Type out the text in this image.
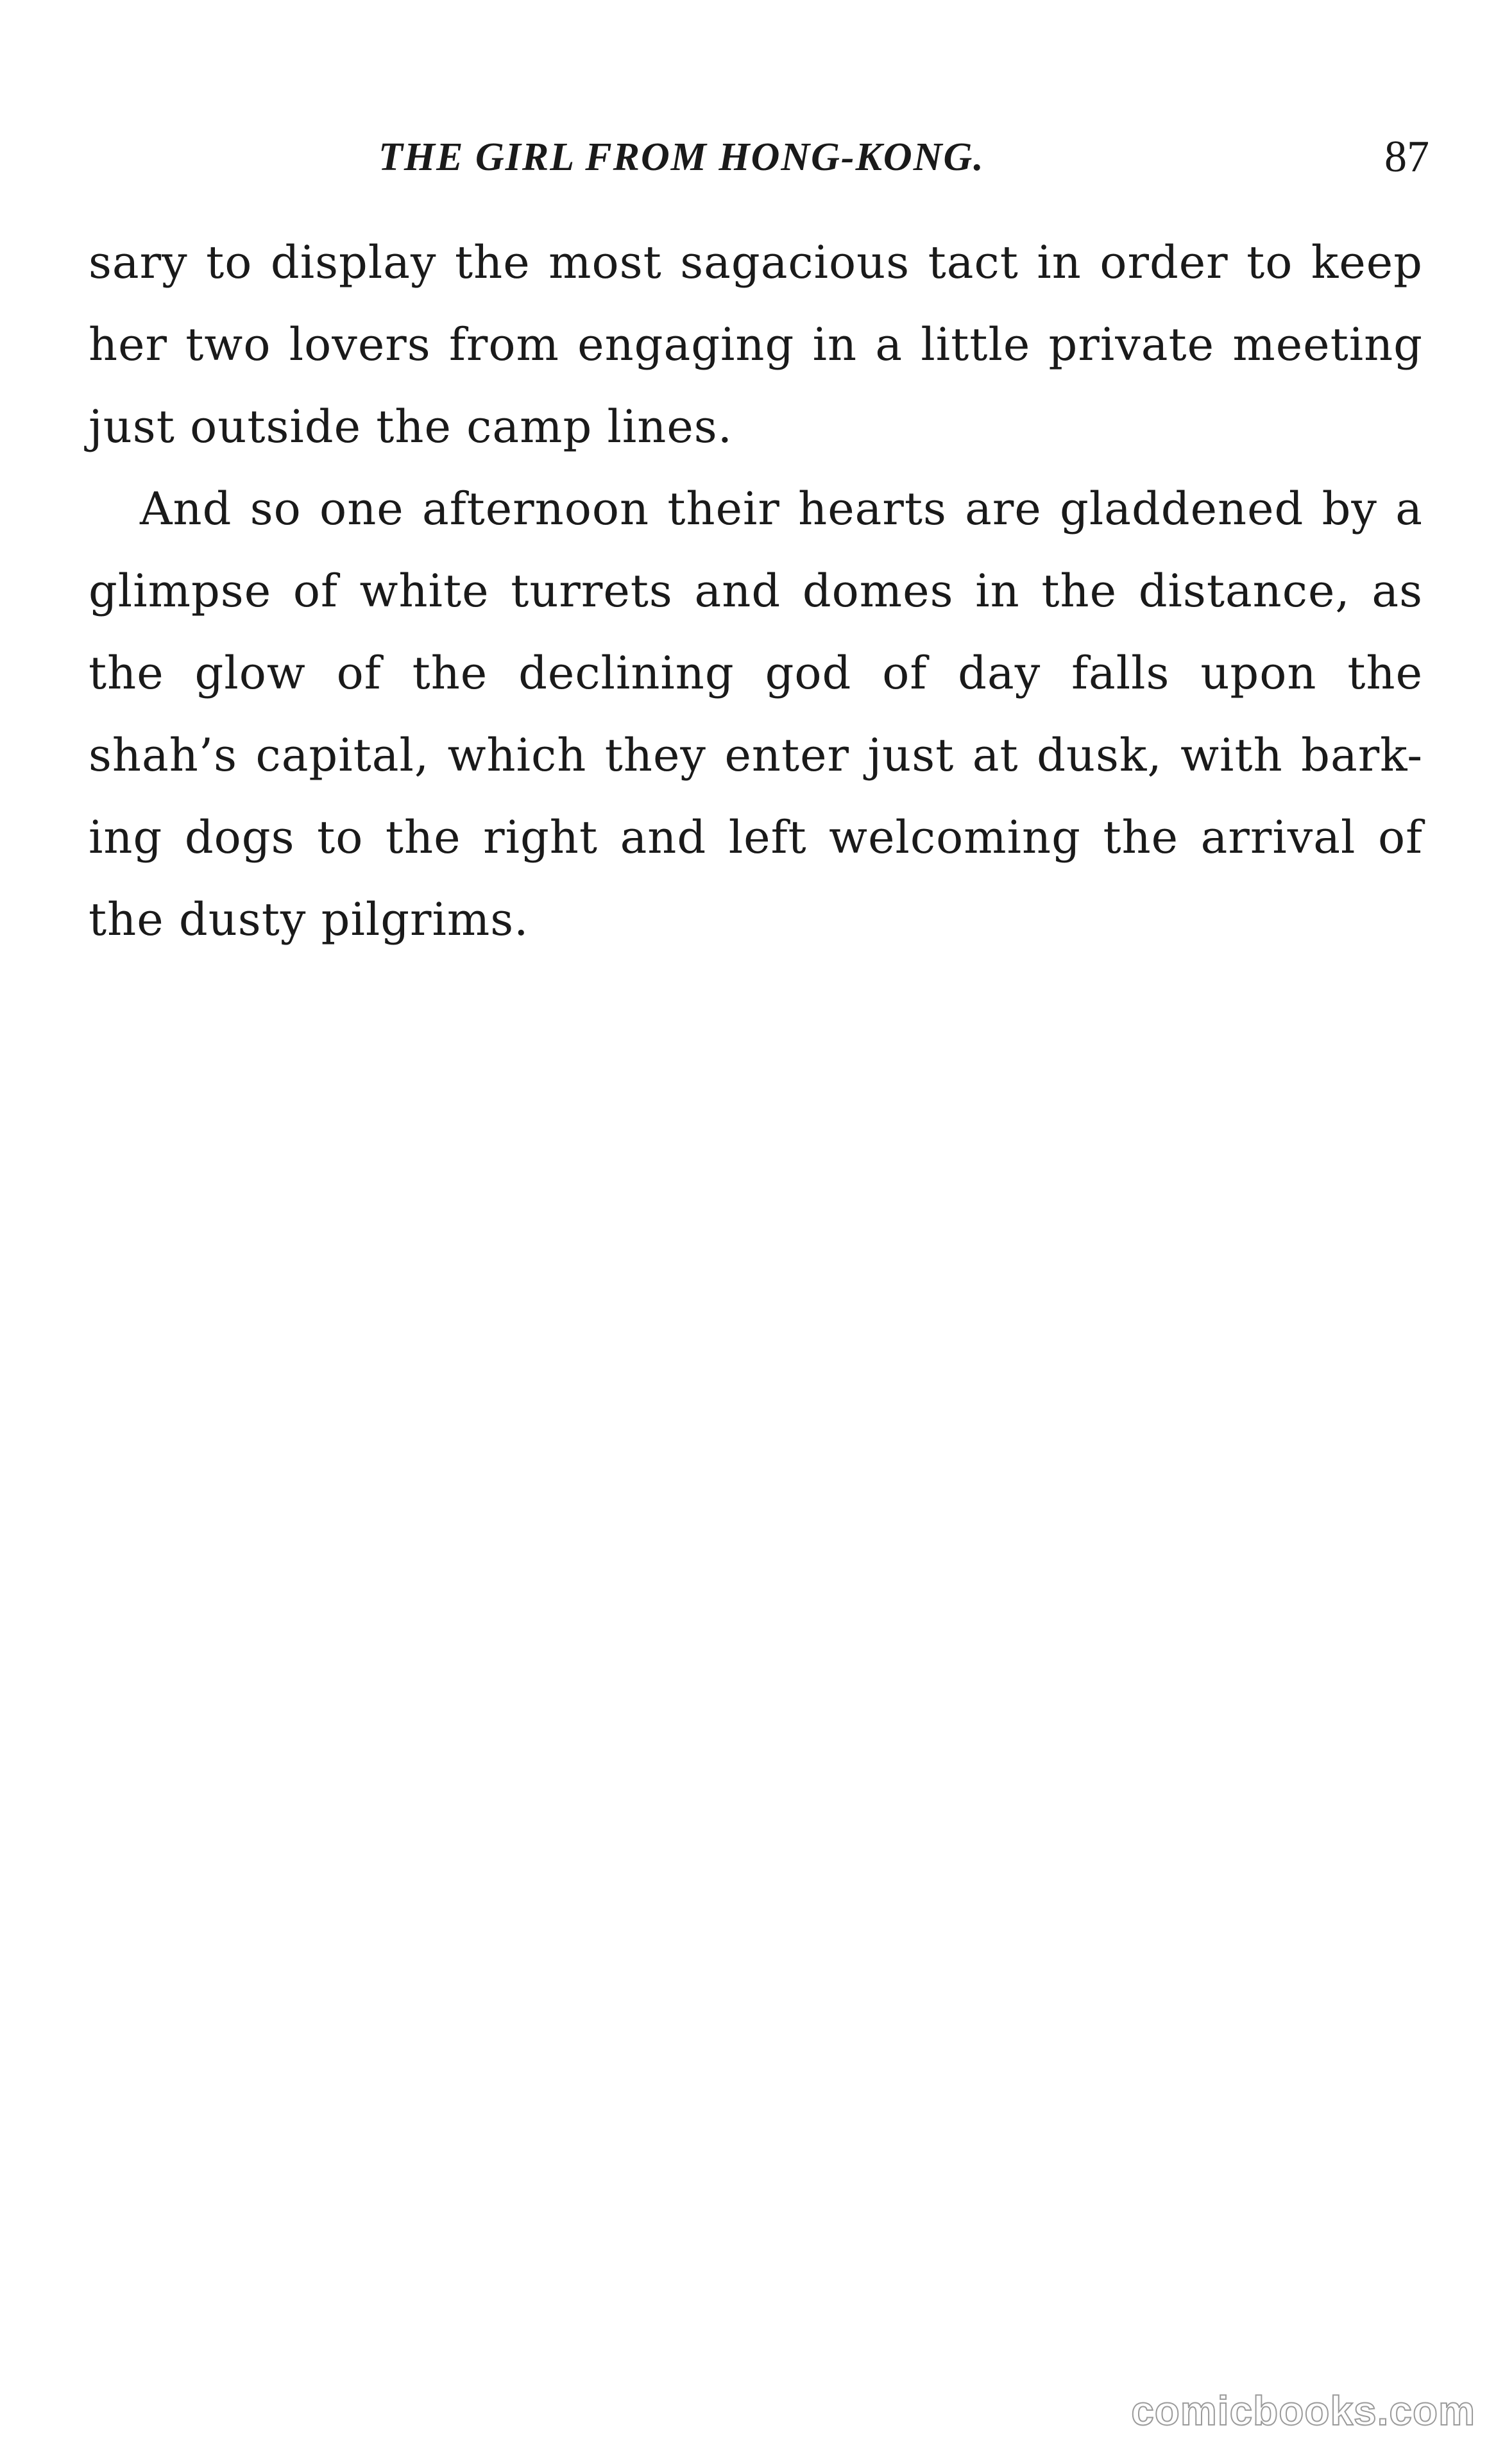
THE GIRL FROM HONG-KONG.	87
sary to display the most sagacious tact in order to keep
her two lovers from engaging in a little private meeting
just outside the camp lines.
And so one afternoon their hearts are gladdened by a
glimpse of white turrets and domes in the distance, as
the glow of the declining god of day falls upon the
shah’s capital, which they enter just at dusk, with bark-
ing dogs to the right and left welcoming the arrival of
the dusty pilgrims.
comicbooks.com
